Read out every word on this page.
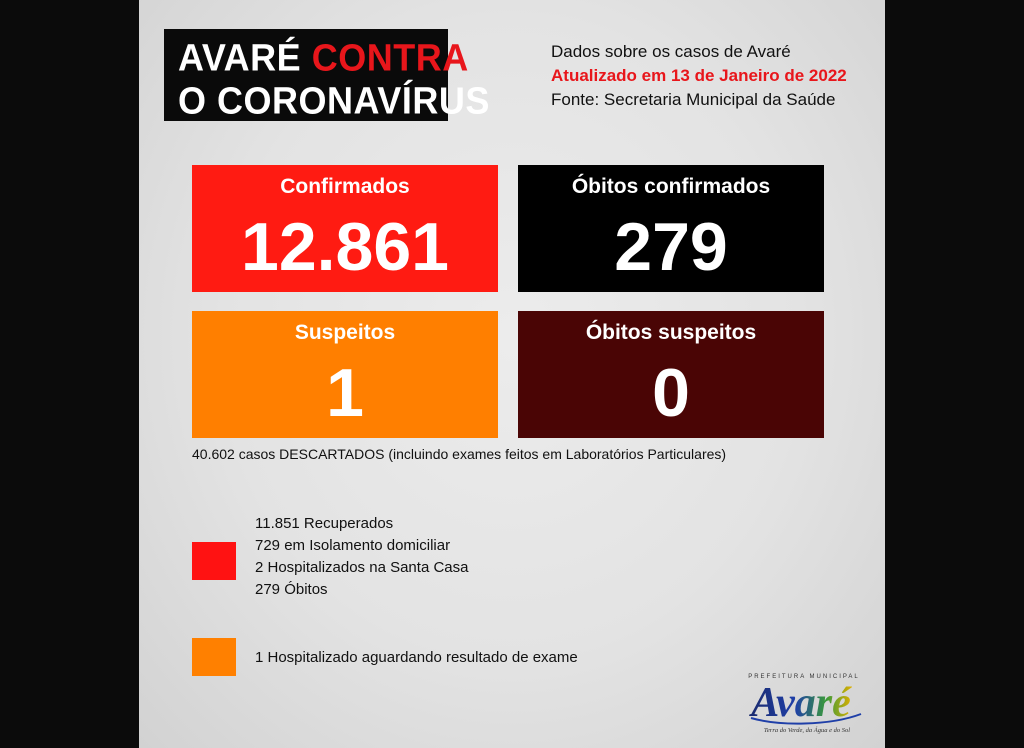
AVARÉ CONTRA
O CORONAVÍRUS
Dados sobre os casos de Avaré
Atualizado em 13 de Janeiro de 2022
Fonte: Secretaria Municipal da Saúde
Confirmados
12.861
Óbitos confirmados
279
Suspeitos
1
Óbitos suspeitos
0
40.602 casos DESCARTADOS (incluindo exames feitos em Laboratórios Particulares)
11.851 Recuperados
729 em Isolamento domiciliar
2 Hospitalizados na Santa Casa
279 Óbitos
1 Hospitalizado aguardando resultado de exame
PREFEITURA MUNICIPAL
Avaré
Terra do Verde, da Água e do Sol
